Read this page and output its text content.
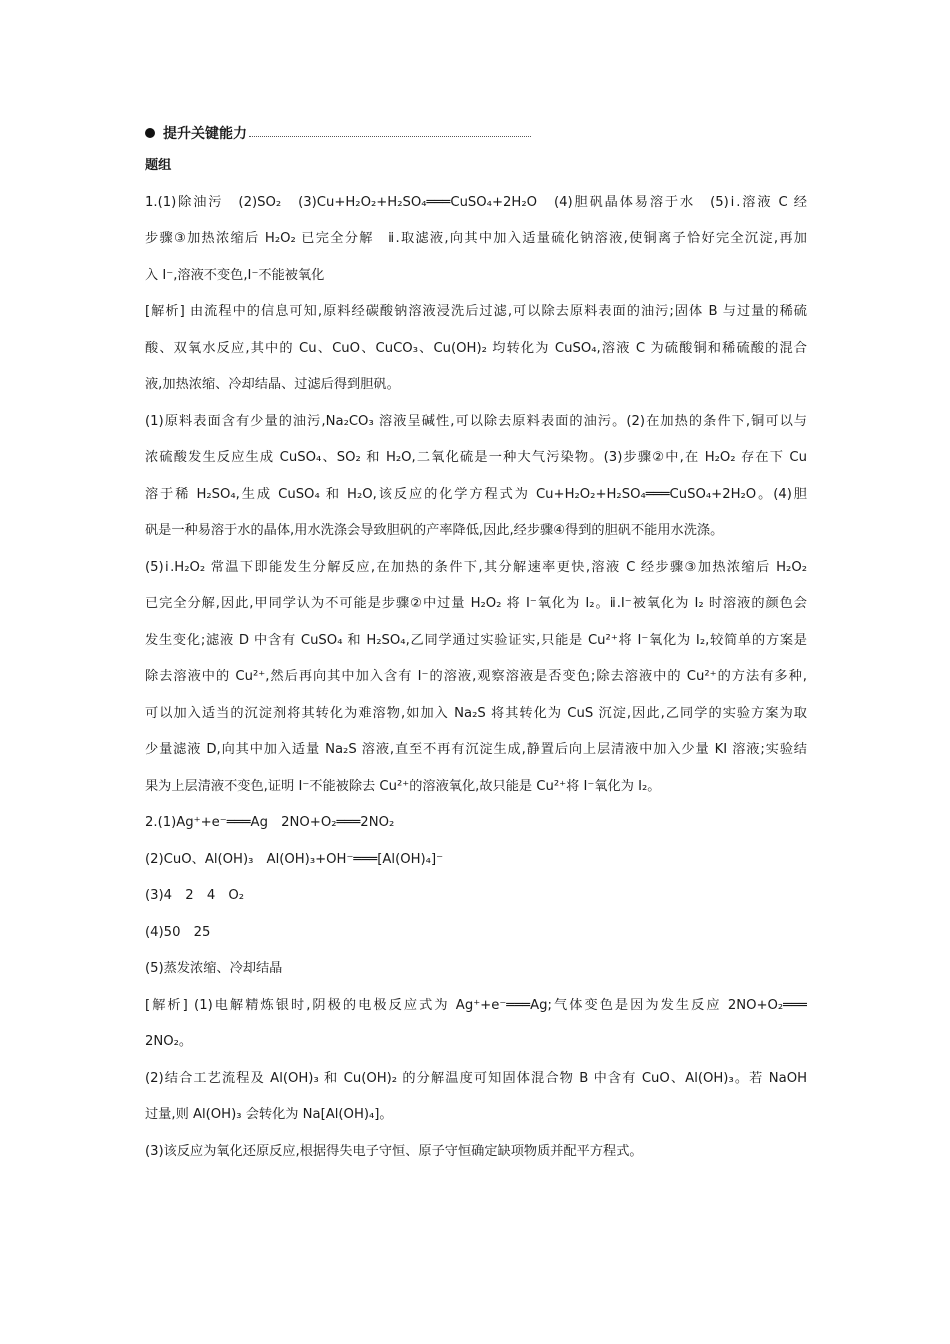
提升关键能力
题组
1.(1)除油污　(2)SO₂　(3)Cu+H₂O₂+H₂SO₄═══CuSO₄+2H₂O　(4)胆矾晶体易溶于水　(5)ⅰ.溶液 C 经
步骤③加热浓缩后 H₂O₂ 已完全分解　ⅱ.取滤液,向其中加入适量硫化钠溶液,使铜离子恰好完全沉淀,再加
入 I⁻,溶液不变色,I⁻不能被氧化
[解析] 由流程中的信息可知,原料经碳酸钠溶液浸洗后过滤,可以除去原料表面的油污;固体 B 与过量的稀硫
酸、双氧水反应,其中的 Cu、CuO、CuCO₃、Cu(OH)₂ 均转化为 CuSO₄,溶液 C 为硫酸铜和稀硫酸的混合
液,加热浓缩、冷却结晶、过滤后得到胆矾。
(1)原料表面含有少量的油污,Na₂CO₃ 溶液呈碱性,可以除去原料表面的油污。(2)在加热的条件下,铜可以与
浓硫酸发生反应生成 CuSO₄、SO₂ 和 H₂O,二氧化硫是一种大气污染物。(3)步骤②中,在 H₂O₂ 存在下 Cu
溶于稀 H₂SO₄,生成 CuSO₄ 和 H₂O,该反应的化学方程式为 Cu+H₂O₂+H₂SO₄═══CuSO₄+2H₂O。(4)胆
矾是一种易溶于水的晶体,用水洗涤会导致胆矾的产率降低,因此,经步骤④得到的胆矾不能用水洗涤。
(5)ⅰ.H₂O₂ 常温下即能发生分解反应,在加热的条件下,其分解速率更快,溶液 C 经步骤③加热浓缩后 H₂O₂
已完全分解,因此,甲同学认为不可能是步骤②中过量 H₂O₂ 将 I⁻氧化为 I₂。ⅱ.I⁻被氧化为 I₂ 时溶液的颜色会
发生变化;滤液 D 中含有 CuSO₄ 和 H₂SO₄,乙同学通过实验证实,只能是 Cu²⁺将 I⁻氧化为 I₂,较简单的方案是
除去溶液中的 Cu²⁺,然后再向其中加入含有 I⁻的溶液,观察溶液是否变色;除去溶液中的 Cu²⁺的方法有多种,
可以加入适当的沉淀剂将其转化为难溶物,如加入 Na₂S 将其转化为 CuS 沉淀,因此,乙同学的实验方案为取
少量滤液 D,向其中加入适量 Na₂S 溶液,直至不再有沉淀生成,静置后向上层清液中加入少量 KI 溶液;实验结
果为上层清液不变色,证明 I⁻不能被除去 Cu²⁺的溶液氧化,故只能是 Cu²⁺将 I⁻氧化为 I₂。
2.(1)Ag⁺+e⁻═══Ag　2NO+O₂═══2NO₂
(2)CuO、Al(OH)₃　Al(OH)₃+OH⁻═══[Al(OH)₄]⁻
(3)4　2　4　O₂
(4)50　25
(5)蒸发浓缩、冷却结晶
[解析] (1)电解精炼银时,阴极的电极反应式为 Ag⁺+e⁻═══Ag;气体变色是因为发生反应 2NO+O₂═══
2NO₂。
(2)结合工艺流程及 Al(OH)₃ 和 Cu(OH)₂ 的分解温度可知固体混合物 B 中含有 CuO、Al(OH)₃。若 NaOH
过量,则 Al(OH)₃ 会转化为 Na[Al(OH)₄]。
(3)该反应为氧化还原反应,根据得失电子守恒、原子守恒确定缺项物质并配平方程式。
